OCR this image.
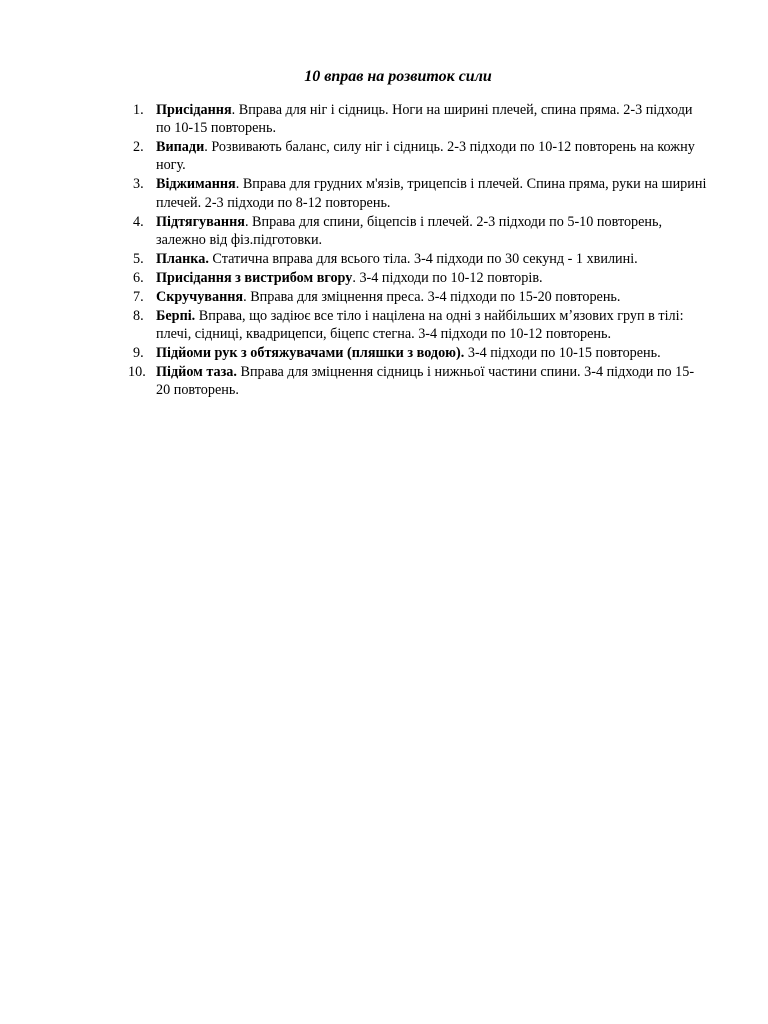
10 вправ на розвиток сили
1. Присідання. Вправа для ніг і сідниць. Ноги на ширині плечей, спина пряма. 2-3 підходи по 10-15 повторень.
2. Випади. Розвивають баланс, силу ніг і сідниць. 2-3 підходи по 10-12 повторень на кожну ногу.
3. Віджимання. Вправа для грудних м'язів, трицепсів і плечей. Спина пряма, руки на ширині плечей. 2-3 підходи по 8-12 повторень.
4. Підтягування. Вправа для спини, біцепсів і плечей. 2-3 підходи по 5-10 повторень, залежно від фіз.підготовки.
5. Планка. Статична вправа для всього тіла. 3-4 підходи по 30 секунд - 1 хвилині.
6. Присідання з вистрибом вгору. 3-4 підходи по 10-12 повторів.
7. Скручування. Вправа для зміцнення преса. 3-4 підходи по 15-20 повторень.
8. Берпі. Вправа, що задіює все тіло і націлена на одні з найбільших мʼязових груп в тілі: плечі, сідниці, квадрицепси, біцепс стегна. 3-4 підходи по 10-12 повторень.
9. Підйоми рук з обтяжувачами (пляшки з водою). 3-4 підходи по 10-15 повторень.
10. Підйом таза. Вправа для зміцнення сідниць і нижньої частини спини. 3-4 підходи по 15-20 повторень.
